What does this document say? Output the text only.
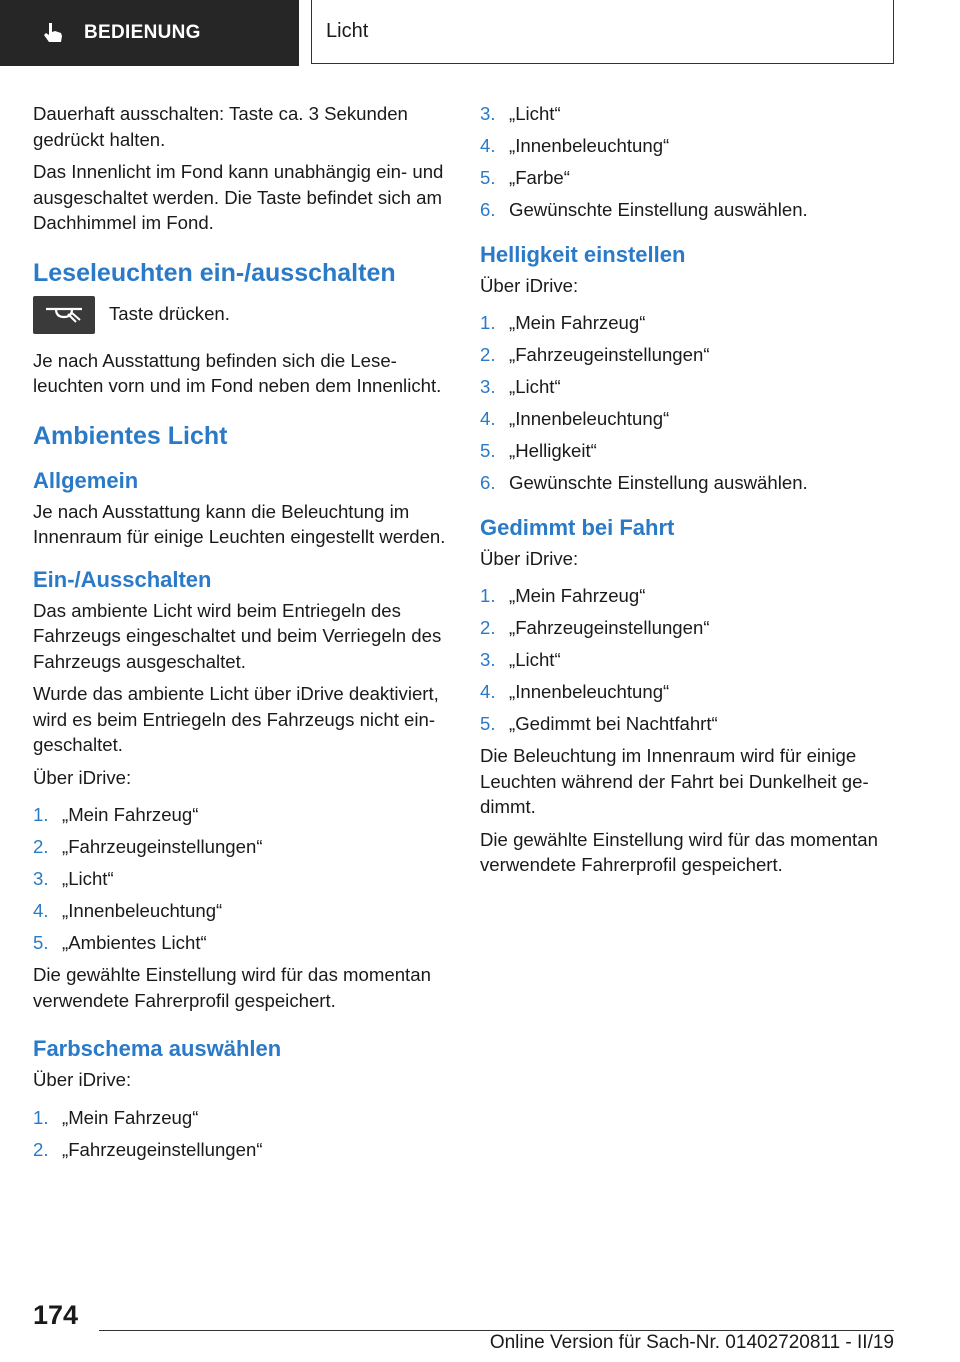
BEDIENUNG	Licht

Dauerhaft ausschalten: Taste ca. 3 Sekunden gedrückt halten.

Das Innenlicht im Fond kann unabhängig ein- und ausgeschaltet werden. Die Taste befindet sich am Dachhimmel im Fond.

Leseleuchten ein-/ausschalten

Taste drücken.

Je nach Ausstattung befinden sich die Leseleuchten vorn und im Fond neben dem Innenlicht.

Ambientes Licht
Allgemein

Je nach Ausstattung kann die Beleuchtung im Innenraum für einige Leuchten eingestellt werden.

Ein-/Ausschalten

Das ambiente Licht wird beim Entriegeln des Fahrzeugs eingeschaltet und beim Verriegeln des Fahrzeugs ausgeschaltet.

Wurde das ambiente Licht über iDrive deaktiviert, wird es beim Entriegeln des Fahrzeugs nicht eingeschaltet.

Über iDrive:

1. „Mein Fahrzeug“
2. „Fahrzeugeinstellungen“
3. „Licht“
4. „Innenbeleuchtung“
5. „Ambientes Licht“

Die gewählte Einstellung wird für das momentan verwendete Fahrerprofil gespeichert.

Farbschema auswählen

Über iDrive:

1. „Mein Fahrzeug“
2. „Fahrzeugeinstellungen“
3. „Licht“
4. „Innenbeleuchtung“
5. „Farbe“
6. Gewünschte Einstellung auswählen.
Helligkeit einstellen

Über iDrive:

1. „Mein Fahrzeug“
2. „Fahrzeugeinstellungen“
3. „Licht“
4. „Innenbeleuchtung“
5. „Helligkeit“
6. Gewünschte Einstellung auswählen.
Gedimmt bei Fahrt

Über iDrive:

1. „Mein Fahrzeug“
2. „Fahrzeugeinstellungen“
3. „Licht“
4. „Innenbeleuchtung“
5. „Gedimmt bei Nachtfahrt“

Die Beleuchtung im Innenraum wird für einige Leuchten während der Fahrt bei Dunkelheit gedimmt.

Die gewählte Einstellung wird für das momentan verwendete Fahrerprofil gespeichert.

174
Online Version für Sach-Nr. 01402720811 - II/19
